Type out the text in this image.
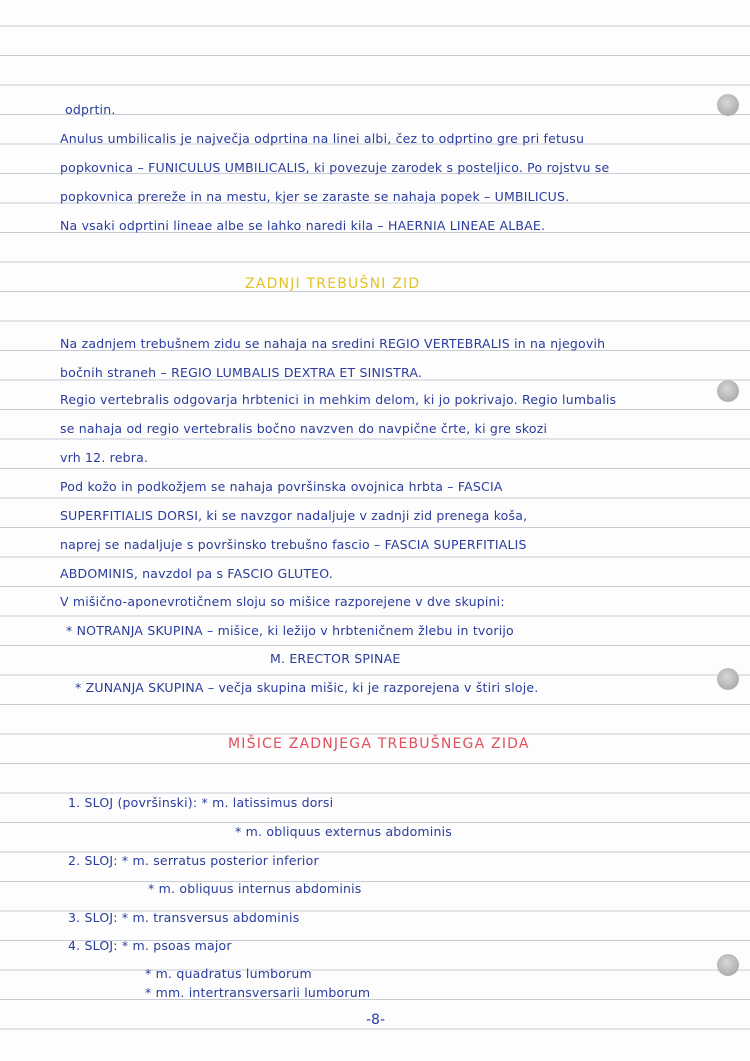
odprtin.

Anulus umbilicalis je največja odprtina na linei albi, čez to odprtino gre pri fetusu

popkovnica – FUNICULUS UMBILICALIS, ki povezuje zarodek s posteljico. Po rojstvu se

popkovnica prereže in na mestu, kjer se zaraste se nahaja popek – UMBILICUS.

Na vsaki odprtini lineae albe se lahko naredi kila – HAERNIA LINEAE ALBAE.

ZADNJI TREBUŠNI ZID

Na zadnjem trebušnem zidu se nahaja na sredini REGIO VERTEBRALIS in na njegovih

bočnih straneh – REGIO LUMBALIS DEXTRA ET SINISTRA.

Regio vertebralis odgovarja hrbtenici in mehkim delom, ki jo pokrivajo. Regio lumbalis

se nahaja od regio vertebralis bočno navzven do navpične črte, ki gre skozi

vrh 12. rebra.

Pod kožo in podkožjem se nahaja površinska ovojnica hrbta – FASCIA

SUPERFITIALIS DORSI, ki se navzgor nadaljuje v zadnji zid prenega koša,

naprej se nadaljuje s površinsko trebušno fascio – FASCIA SUPERFITIALIS

ABDOMINIS, navzdol pa s FASCIO GLUTEO.

V mišično-aponevrotičnem sloju so mišice razporejene v dve skupini:

* NOTRANJA SKUPINA – mišice, ki ležijo v hrbteničnem žlebu in tvorijo

M. ERECTOR SPINAE

* ZUNANJA SKUPINA – večja skupina mišic, ki je razporejena v štiri sloje.

MIŠICE ZADNJEGA TREBUŠNEGA ZIDA

1. SLOJ (površinski): * m. latissimus dorsi

* m. obliquus externus abdominis

2. SLOJ: * m. serratus posterior inferior

* m. obliquus internus abdominis

3. SLOJ: * m. transversus abdominis

4. SLOJ: * m. psoas major

* m. quadratus lumborum

* mm. intertransversarii lumborum

-8-
